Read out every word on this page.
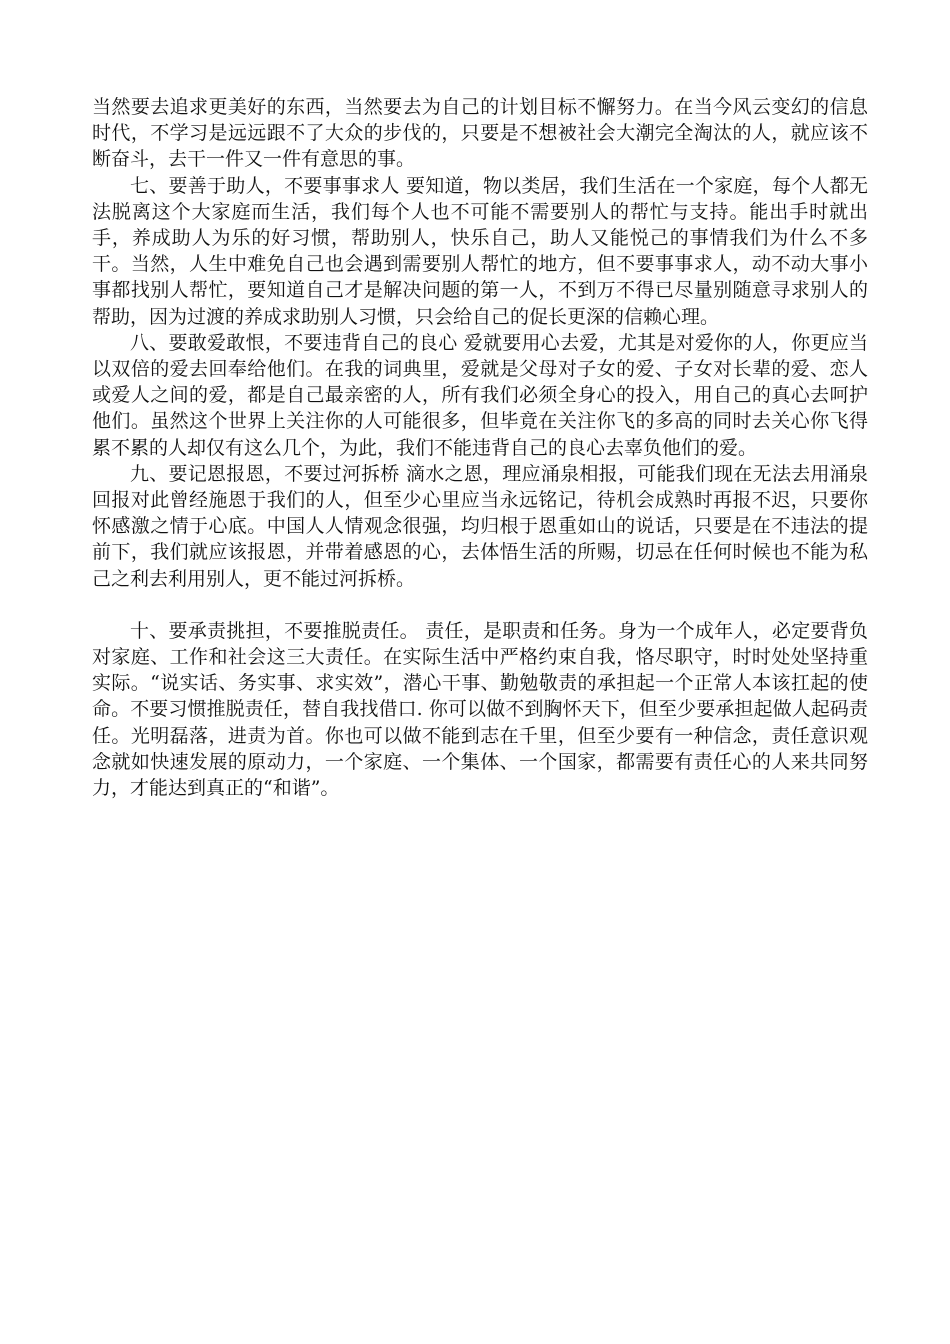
当然要去追求更美好的东西，当然要去为自己的计划目标不懈努力。在当今风云变幻的信息时代，不学习是远远跟不了大众的步伐的，只要是不想被社会大潮完全淘汰的人，就应该不断奋斗，去干一件又一件有意思的事。

七、要善于助人，不要事事求人 要知道，物以类居，我们生活在一个家庭，每个人都无法脱离这个大家庭而生活，我们每个人也不可能不需要别人的帮忙与支持。能出手时就出手，养成助人为乐的好习惯，帮助别人，快乐自己，助人又能悦己的事情我们为什么不多干。当然，人生中难免自己也会遇到需要别人帮忙的地方，但不要事事求人，动不动大事小事都找别人帮忙，要知道自己才是解决问题的第一人，不到万不得已尽量别随意寻求别人的帮助，因为过渡的养成求助别人习惯，只会给自己的促长更深的信赖心理。

八、要敢爱敢恨，不要违背自己的良心 爱就要用心去爱，尤其是对爱你的人，你更应当以双倍的爱去回奉给他们。在我的词典里，爱就是父母对子女的爱、子女对长辈的爱、恋人或爱人之间的爱，都是自己最亲密的人，所有我们必须全身心的投入，用自己的真心去呵护他们。虽然这个世界上关注你的人可能很多，但毕竟在关注你飞的多高的同时去关心你飞得累不累的人却仅有这么几个，为此，我们不能违背自己的良心去辜负他们的爱。

九、要记恩报恩，不要过河拆桥 滴水之恩，理应涌泉相报，可能我们现在无法去用涌泉回报对此曾经施恩于我们的人，但至少心里应当永远铭记，待机会成熟时再报不迟，只要你怀感激之情于心底。中国人人情观念很强，均归根于恩重如山的说话，只要是在不违法的提前下，我们就应该报恩，并带着感恩的心，去体悟生活的所赐，切忌在任何时候也不能为私己之利去利用别人，更不能过河拆桥。

十、要承责挑担，不要推脱责任。 责任，是职责和任务。身为一个成年人，必定要背负对家庭、工作和社会这三大责任。在实际生活中严格约束自我，恪尽职守，时时处处坚持重实际。“说实话、务实事、求实效”，潜心干事、勤勉敬责的承担起一个正常人本该扛起的使命。不要习惯推脱责任，替自我找借口. 你可以做不到胸怀天下，但至少要承担起做人起码责任。光明磊落，进责为首。你也可以做不能到志在千里，但至少要有一种信念，责任意识观念就如快速发展的原动力，一个家庭、一个集体、一个国家，都需要有责任心的人来共同努力，才能达到真正的“和谐”。
